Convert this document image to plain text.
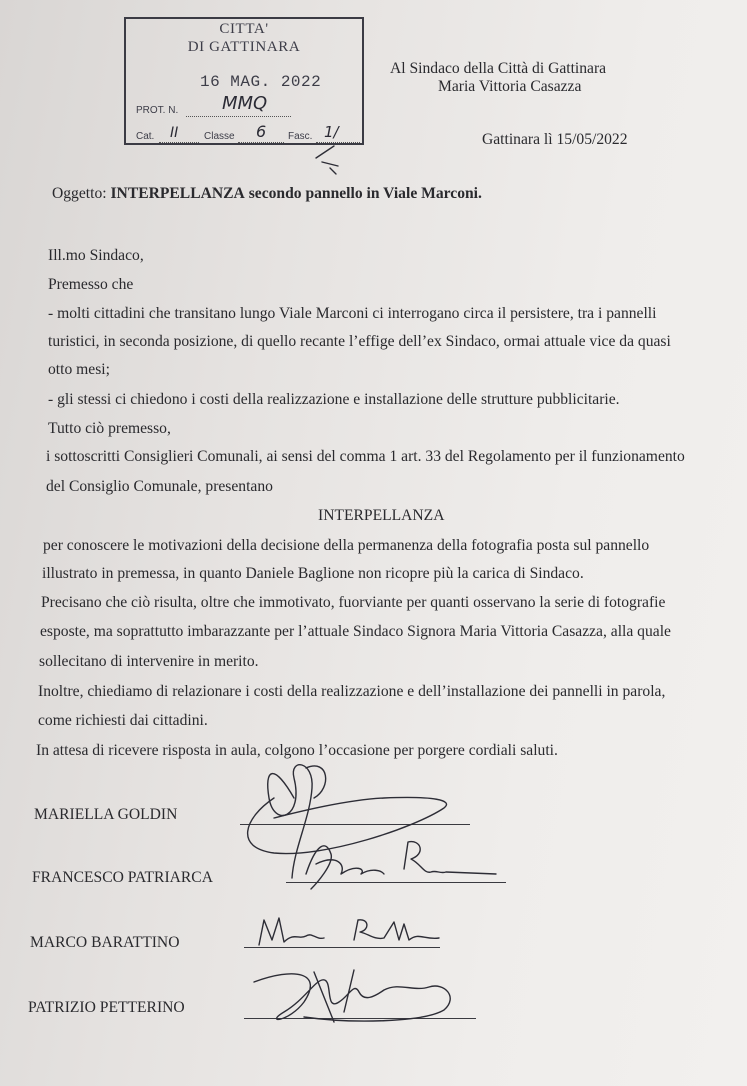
CITTA'
DI GATTINARA
16 MAG. 2022
PROT. N. MMQ
Cat. II	Classe 6 Fasc. 1/
Al Sindaco della Città di Gattinara
Maria Vittoria Casazza
Gattinara lì 15/05/2022
Oggetto: INTERPELLANZA secondo pannello in Viale Marconi.
Ill.mo Sindaco,
Premesso che
- molti cittadini che transitano lungo Viale Marconi ci interrogano circa il persistere, tra i pannelli
turistici, in seconda posizione, di quello recante l’effige dell’ex Sindaco, ormai attuale vice da quasi
otto mesi;
- gli stessi ci chiedono i costi della realizzazione e installazione delle strutture pubblicitarie.
Tutto ciò premesso,
i sottoscritti Consiglieri Comunali, ai sensi del comma 1 art. 33 del Regolamento per il funzionamento
del Consiglio Comunale, presentano
INTERPELLANZA
per conoscere le motivazioni della decisione della permanenza della fotografia posta sul pannello
illustrato in premessa, in quanto Daniele Baglione non ricopre più la carica di Sindaco.
Precisano che ciò risulta, oltre che immotivato, fuorviante per quanti osservano la serie di fotografie
esposte, ma soprattutto imbarazzante per l’attuale Sindaco Signora Maria Vittoria Casazza, alla quale
sollecitano di intervenire in merito.
Inoltre, chiediamo di relazionare i costi della realizzazione e dell’installazione dei pannelli in parola,
come richiesti dai cittadini.
In attesa di ricevere risposta in aula, colgono l’occasione per porgere cordiali saluti.
MARIELLA GOLDIN
FRANCESCO PATRIARCA
MARCO BARATTINO
PATRIZIO PETTERINO
